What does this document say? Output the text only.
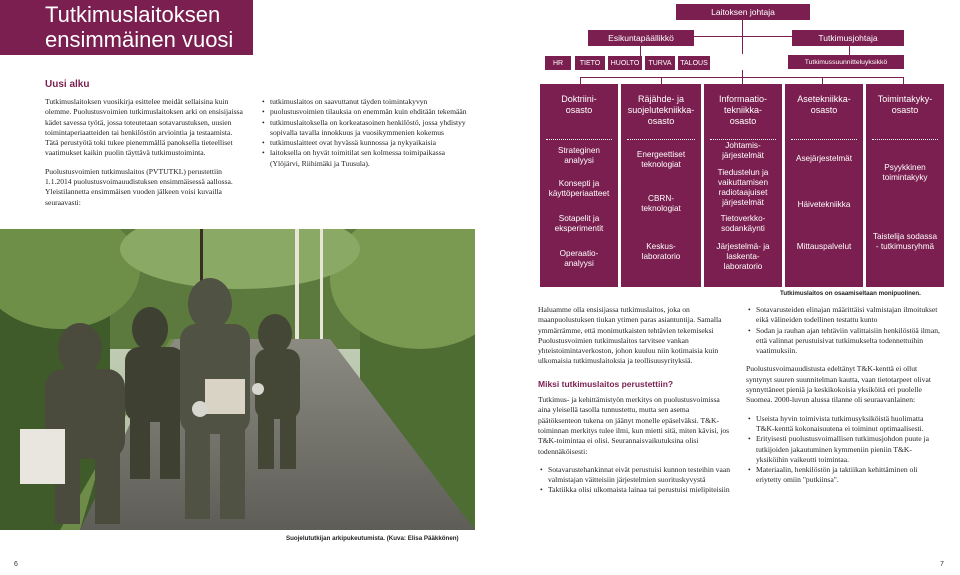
Tutkimuslaitoksen ensimmäinen vuosi
Uusi alku

Tutkimuslaitoksen vuosikirja esittelee meidät sellaisina kuin olemme. Puolustusvoimien tutkimuslaitoksen arki on ensisijaissa kädet savessa työtä, jossa toteutetaan sotavarustuksen, uusien toimintaperiaatteiden tai henkilöstön arviointia ja testaamista. Tätä perustyötä toki tukee pienemmällä panoksella tieteelliset vaatimukset kaikin puolin täyttävä tutkimustoiminta.

Puolustusvoimien tutkimuslaitos (PVTUTKL) perustettiin 1.1.2014 puolustusvoimauudistuksen ensimmäisessä aallossa. Yleistilannetta ensimmäisen vuoden jälkeen voisi kuvailla seuraavasti:

• tutkimuslaitos on saavuttanut täyden toimintakyvyn
• puolustusvoimien tilauksia on enemmän kuin ehditään tekemään
• tutkimuslaitoksella on korkeatasoinen henkilöstö, jossa yhdistyy sopivalla tavalla innokkuus ja vuosikymmenien kokemus
• tutkimuslaitteet ovat hyvässä kunnossa ja nykyaikaisia
• laitoksella on hyvät toimitilat sen kolmessa toimipaikassa (Ylöjärvi, Riihimäki ja Tuusula).
Suojelututkijan arkipukeutumista. (Kuva: Elisa Pääkkönen)
Laitoksen johtaja
Esikuntapäällikkö	Tutkimusjohtaja
Tutkimussuunnitteluyksikkö
HR	TIETO	HUOLTO	TURVA	TALOUS
Doktriini-
osasto
Strateginen
analyysi
Konsepti ja
käyttöperiaatteet
Sotapelit ja
eksperimentit
Operaatio-
analyysi
Räjähde- ja
suojelutekniikka-
osasto
Energeettiset
teknologiat
CBRN-
teknologiat
Keskus-
laboratorio
Informaatio-
tekniikka-
osasto
Johtamis-
järjestelmät
Tiedustelun ja
vaikuttamisen
radiotaajuiset
järjestelmät
Tietoverkko-
sodankäynti
Järjestelmä- ja
laskenta-
laboratorio
Asetekniikka-
osasto
Asejärjestelmät
Häivetekniikka
Mittauspalvelut
Toimintakyky-
osasto
Psyykkinen
toimintakyky
Taistelija sodassa
- tutkimusryhmä
Tutkimuslaitos on osaamiseltaan monipuolinen.

Haluamme olla ensisijassa tutkimuslaitos, joka on maanpuolustuksen tiukan ytimen paras asiantuntija. Samalla ymmärrämme, että monimutkaisten tehtävien tekemiseksi Puolustusvoimien tutkimuslaitos tarvitsee vankan yhteistoimintaverkoston, johon kuuluu niin kotimaisia kuin ulkomaisia tutkimuslaitoksia ja teollisuusyrityksiä.

Miksi tutkimuslaitos perustettiin?

Tutkimus- ja kehittämistyön merkitys on puolustusvoimissa aina yleisellä tasolla tunnustettu, mutta sen asema päätöksenteon tukena on jäänyt monelle epäselväksi. T&K-toiminnan merkitys tulee ilmi, kun mietti sitä, miten kävisi, jos T&K-toimintaa ei olisi. Seurannaisvaikutuksina olisi todennäköisesti:

• Sotavarustehankinnat eivät perustuisi kunnon testeihin vaan valmistajan väitteisiin järjestelmien suorituskyvystä
• Taktiikka olisi ulkomaista lainaa tai perustuisi mielipiteisiin
• Sotavarusteiden elinajan määrittäisi valmistajan ilmoitukset eikä välineiden todellinen testattu kunto
• Sodan ja rauhan ajan tehtäviin valittaisiin henkilöstöä ilman, että valinnat perustuisivat tutkimukselta todennettuihin vaatimuksiin.

Puolustusvoimauudistusta edeltänyt T&K-kenttä ei ollut syntynyt suuren suunnitelman kautta, vaan tietotarpeet olivat synnyttäneet pieniä ja keskikokoisia yksiköitä eri puolelle Suomea. 2000-luvun alussa tilanne oli seuraavanlainen:

• Useista hyvin toimivista tutkimusyksiköistä huolimatta T&K-kenttä kokonaisuutena ei toiminut optimaalisesti.
• Erityisesti puolustusvoimallisen tutkimusjohdon puute ja tutkijoiden jakautuminen kymmeniin pieniin T&K-yksiköihin vaikeutti toimintaa.
• Materiaalin, henkilöstön ja taktiikan kehittäminen oli eriytetty omiin "putkiinsa".
6	7
